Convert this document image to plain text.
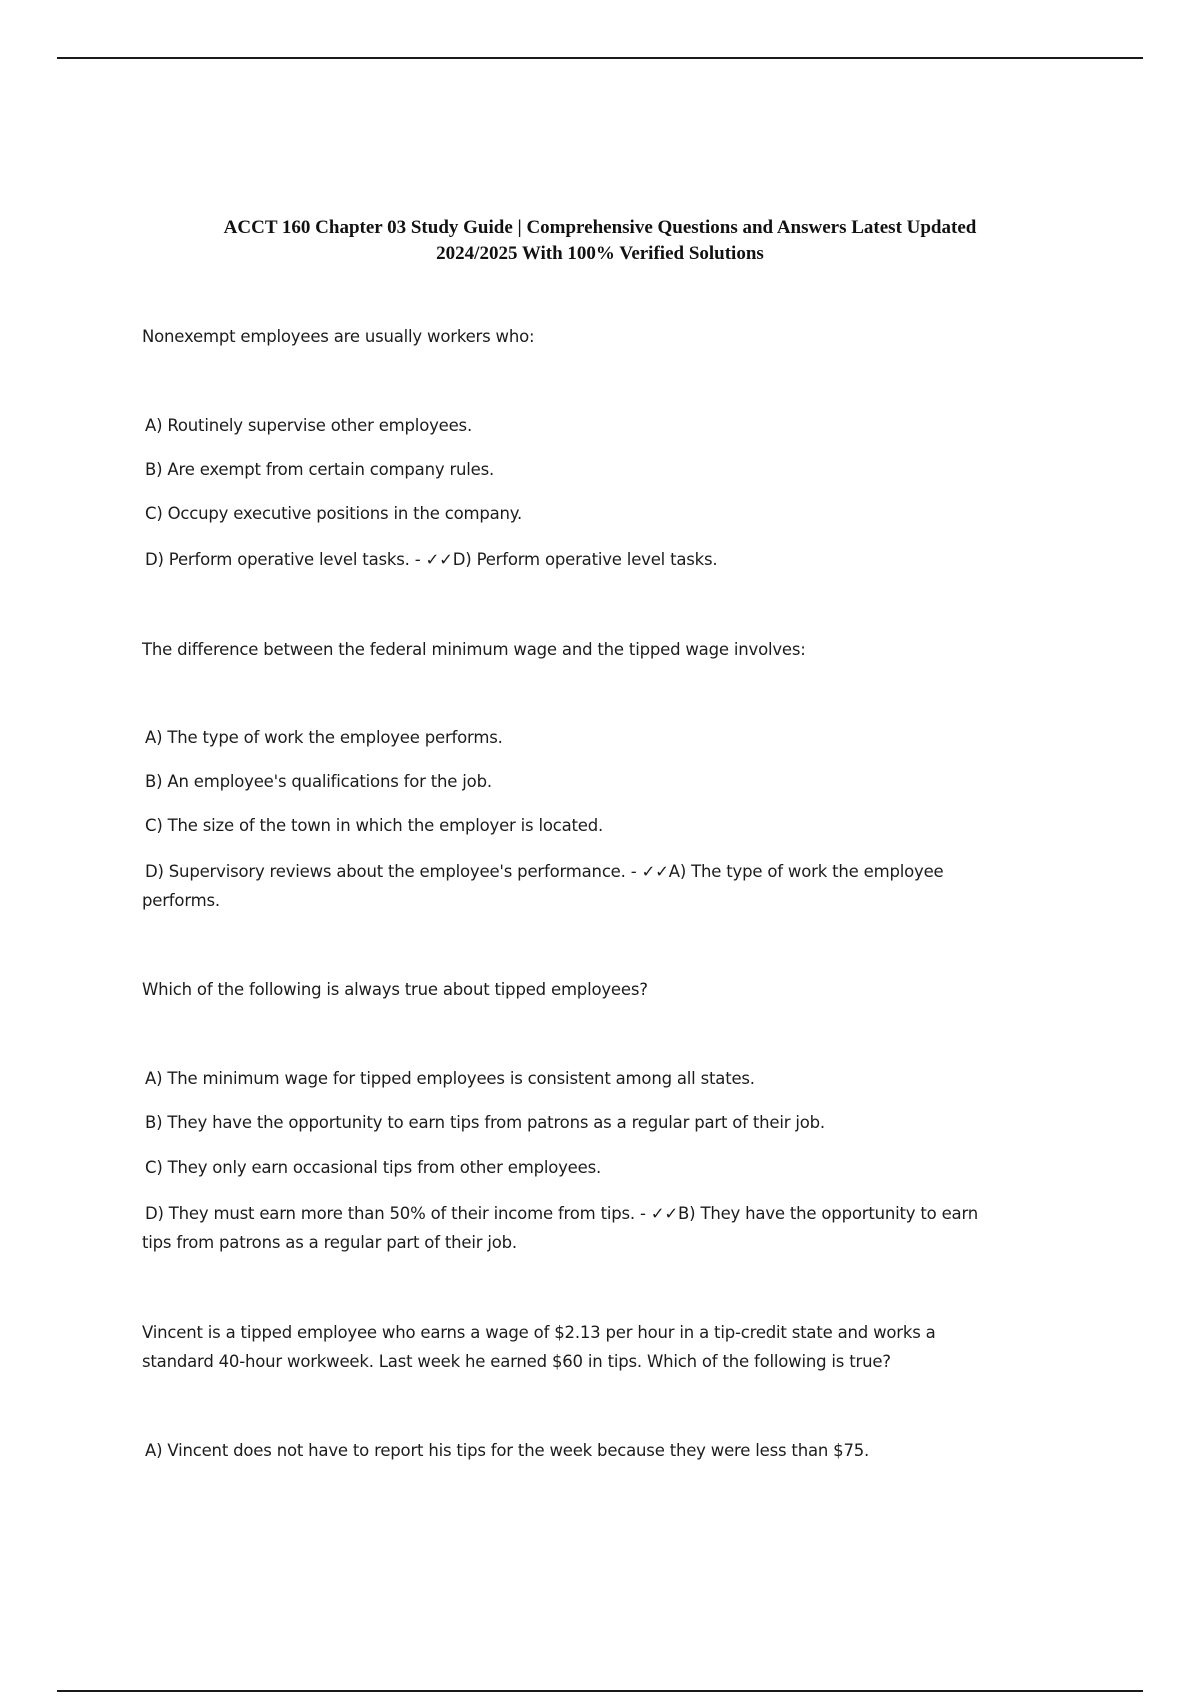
ACCT 160 Chapter 03 Study Guide | Comprehensive Questions and Answers Latest Updated
2024/2025 With 100% Verified Solutions
Nonexempt employees are usually workers who:
A) Routinely supervise other employees.
B) Are exempt from certain company rules.
C) Occupy executive positions in the company.
D) Perform operative level tasks. - ✓✓D) Perform operative level tasks.
The difference between the federal minimum wage and the tipped wage involves:
A) The type of work the employee performs.
B) An employee's qualifications for the job.
C) The size of the town in which the employer is located.
D) Supervisory reviews about the employee's performance. - ✓✓A) The type of work the employee
performs.
Which of the following is always true about tipped employees?
A) The minimum wage for tipped employees is consistent among all states.
B) They have the opportunity to earn tips from patrons as a regular part of their job.
C) They only earn occasional tips from other employees.
D) They must earn more than 50% of their income from tips. - ✓✓B) They have the opportunity to earn
tips from patrons as a regular part of their job.
Vincent is a tipped employee who earns a wage of $2.13 per hour in a tip-credit state and works a
standard 40-hour workweek. Last week he earned $60 in tips. Which of the following is true?
A) Vincent does not have to report his tips for the week because they were less than $75.
